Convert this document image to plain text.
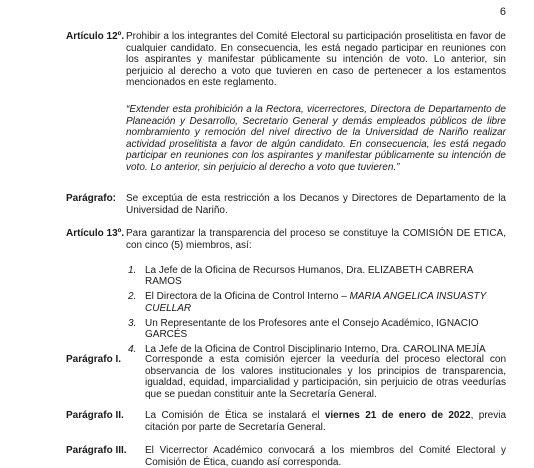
6
Artículo 12º. Prohibir a los integrantes del Comité Electoral su participación proselitista en favor de cualquier candidato. En consecuencia, les está negado participar en reuniones con los aspirantes y manifestar públicamente su intención de voto. Lo anterior, sin perjuicio al derecho a voto que tuvieren en caso de pertenecer a los estamentos mencionados en este reglamento.
“Extender esta prohibición a la Rectora, vicerrectores, Directora de Departamento de Planeación y Desarrollo, Secretario General y demás empleados públicos de libre nombramiento y remoción del nivel directivo de la Universidad de Nariño realizar actividad proselitista a favor de algún candidato. En consecuencia, les está negado participar en reuniones con los aspirantes y manifestar públicamente su intención de voto. Lo anterior, sin perjuicio al derecho a voto que tuvieren.”
Parágrafo: Se exceptúa de esta restricción a los Decanos y Directores de Departamento de la Universidad de Nariño.
Artículo 13º. Para garantizar la transparencia del proceso se constituye la COMISIÓN DE ETICA, con cinco (5) miembros, así:
1. La Jefe de la Oficina de Recursos Humanos, Dra. ELIZABETH CABRERA RAMOS
2. El Directora de la Oficina de Control Interno – MARIA ANGELICA INSUASTY CUELLAR
3. Un Representante de los Profesores ante el Consejo Académico, IGNACIO GARCÉS
4. La Jefe de la Oficina de Control Disciplinario Interno, Dra. CAROLINA MEJÍA
Parágrafo I. Corresponde a esta comisión ejercer la veeduría del proceso electoral con observancia de los valores institucionales y los principios de transparencia, igualdad, equidad, imparcialidad y participación, sin perjuicio de otras veedurías que se puedan constituir ante la Secretaría General.
Parágrafo II. La Comisión de Ética se instalará el viernes 21 de enero de 2022, previa citación por parte de Secretaría General.
Parágrafo III. El Vicerrector Académico convocará a los miembros del Comité Electoral y Comisión de Ética, cuando así corresponda.
